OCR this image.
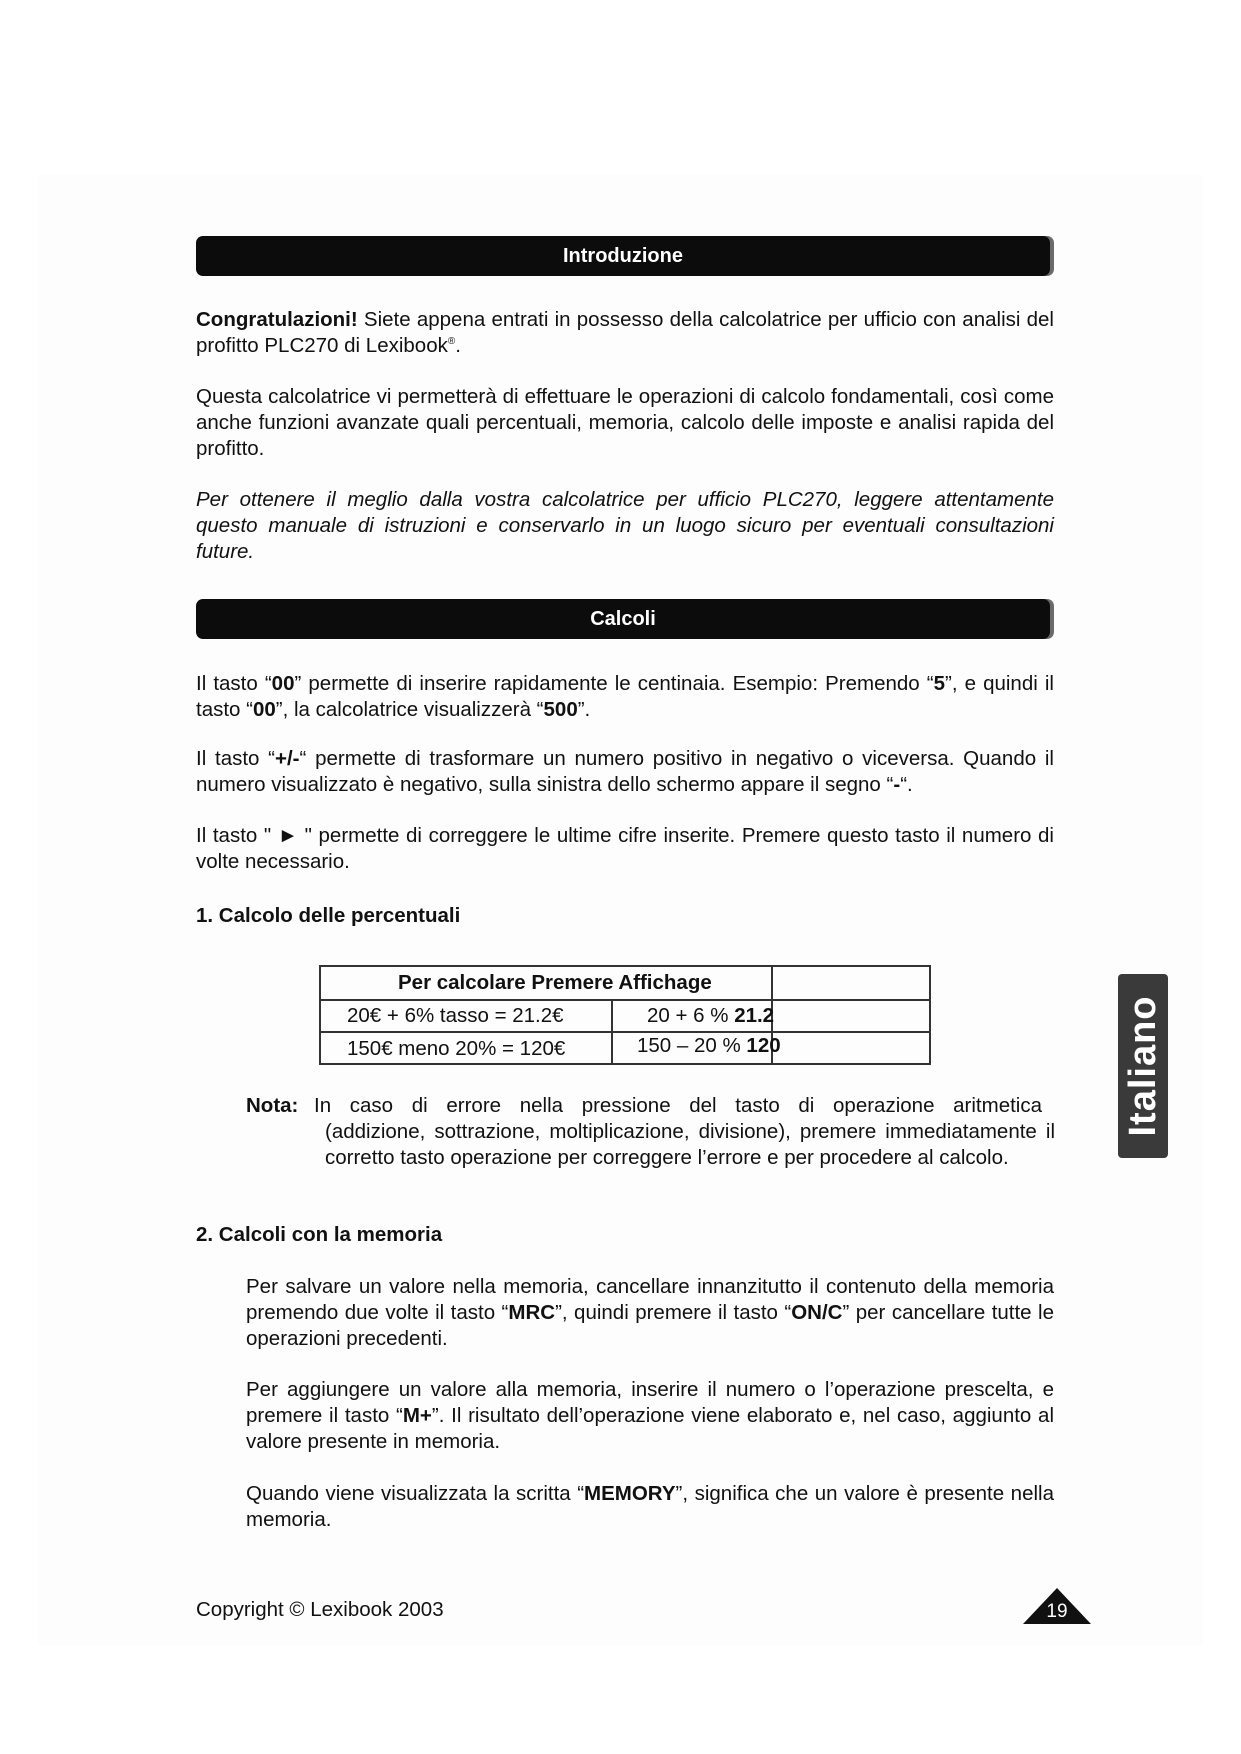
Introduzione

Congratulazioni! Siete appena entrati in possesso della calcolatrice per ufficio con analisi del profitto PLC270 di Lexibook®.

Questa calcolatrice vi permetterà di effettuare le operazioni di calcolo fondamentali, così come anche funzioni avanzate quali percentuali, memoria, calcolo delle imposte e analisi rapida del profitto.

Per ottenere il meglio dalla vostra calcolatrice per ufficio PLC270, leggere attentamente questo manuale di istruzioni e conservarlo in un luogo sicuro per eventuali consultazioni future.

Calcoli

Il tasto “00” permette di inserire rapidamente le centinaia. Esempio: Premendo “5”, e quindi il tasto “00”, la calcolatrice visualizzerà “500”.

Il tasto “+/-“ permette di trasformare un numero positivo in negativo o viceversa. Quando il numero visualizzato è negativo, sulla sinistra dello schermo appare il segno “-“.

Il tasto " ► " permette di correggere le ultime cifre inserite. Premere questo tasto il numero di volte necessario.

1. Calcolo delle percentuali

Per calcolare Premere Affichage
20€ + 6% tasso = 21.2€	20 + 6 % 21.2
150€ meno 20% = 120€	150 – 20 % 120
Nota: In caso di errore nella pressione del tasto di operazione aritmetica

(addizione, sottrazione, moltiplicazione, divisione), premere immediatamente il corretto tasto operazione per correggere l’errore e per procedere al calcolo.

2. Calcoli con la memoria

Per salvare un valore nella memoria, cancellare innanzitutto il contenuto della memoria premendo due volte il tasto “MRC”, quindi premere il tasto “ON/C” per cancellare tutte le operazioni precedenti.

Per aggiungere un valore alla memoria, inserire il numero o l’operazione prescelta, e premere il tasto “M+”. Il risultato dell’operazione viene elaborato e, nel caso, aggiunto al valore presente in memoria.

Quando viene visualizzata la scritta “MEMORY”, significa che un valore è presente nella memoria.

Italiano
Copyright © Lexibook 2003	19
